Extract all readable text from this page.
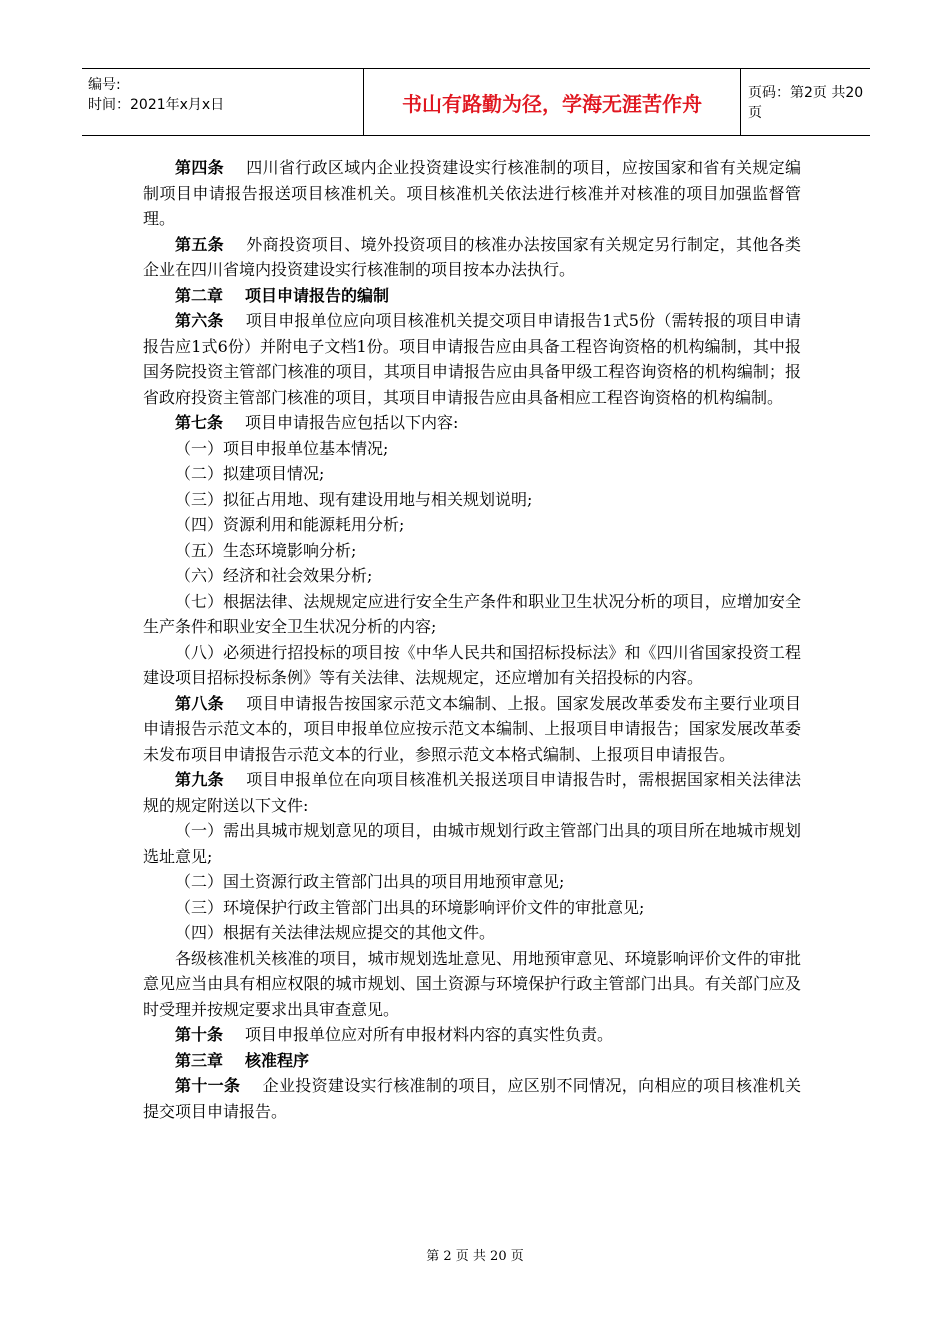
编号:
时间：2021年x月x日	书山有路勤为径，学海无涯苦作舟	页码：第2页 共20页

第四条 四川省行政区域内企业投资建设实行核准制的项目，应按国家和省有关规定编制项目申请报告报送项目核准机关。项目核准机关依法进行核准并对核准的项目加强监督管理。

第五条 外商投资项目、境外投资项目的核准办法按国家有关规定另行制定，其他各类企业在四川省境内投资建设实行核准制的项目按本办法执行。

第二章 项目申请报告的编制

第六条 项目申报单位应向项目核准机关提交项目申请报告1式5份（需转报的项目申请报告应1式6份）并附电子文档1份。项目申请报告应由具备工程咨询资格的机构编制，其中报国务院投资主管部门核准的项目，其项目申请报告应由具备甲级工程咨询资格的机构编制；报省政府投资主管部门核准的项目，其项目申请报告应由具备相应工程咨询资格的机构编制。

第七条 项目申请报告应包括以下内容:

（一）项目申报单位基本情况;

（二）拟建项目情况;

（三）拟征占用地、现有建设用地与相关规划说明;

（四）资源利用和能源耗用分析;

（五）生态环境影响分析;

（六）经济和社会效果分析;

（七）根据法律、法规规定应进行安全生产条件和职业卫生状况分析的项目，应增加安全生产条件和职业安全卫生状况分析的内容;

（八）必须进行招投标的项目按《中华人民共和国招标投标法》和《四川省国家投资工程建设项目招标投标条例》等有关法律、法规规定，还应增加有关招投标的内容。

第八条 项目申请报告按国家示范文本编制、上报。国家发展改革委发布主要行业项目申请报告示范文本的，项目申报单位应按示范文本编制、上报项目申请报告；国家发展改革委未发布项目申请报告示范文本的行业，参照示范文本格式编制、上报项目申请报告。

第九条 项目申报单位在向项目核准机关报送项目申请报告时，需根据国家相关法律法规的规定附送以下文件:

（一）需出具城市规划意见的项目，由城市规划行政主管部门出具的项目所在地城市规划选址意见;

（二）国土资源行政主管部门出具的项目用地预审意见;

（三）环境保护行政主管部门出具的环境影响评价文件的审批意见;

（四）根据有关法律法规应提交的其他文件。

各级核准机关核准的项目，城市规划选址意见、用地预审意见、环境影响评价文件的审批意见应当由具有相应权限的城市规划、国土资源与环境保护行政主管部门出具。有关部门应及时受理并按规定要求出具审查意见。

第十条 项目申报单位应对所有申报材料内容的真实性负责。

第三章 核准程序

第十一条 企业投资建设实行核准制的项目，应区别不同情况，向相应的项目核准机关提交项目申请报告。

第 2 页 共 20 页
